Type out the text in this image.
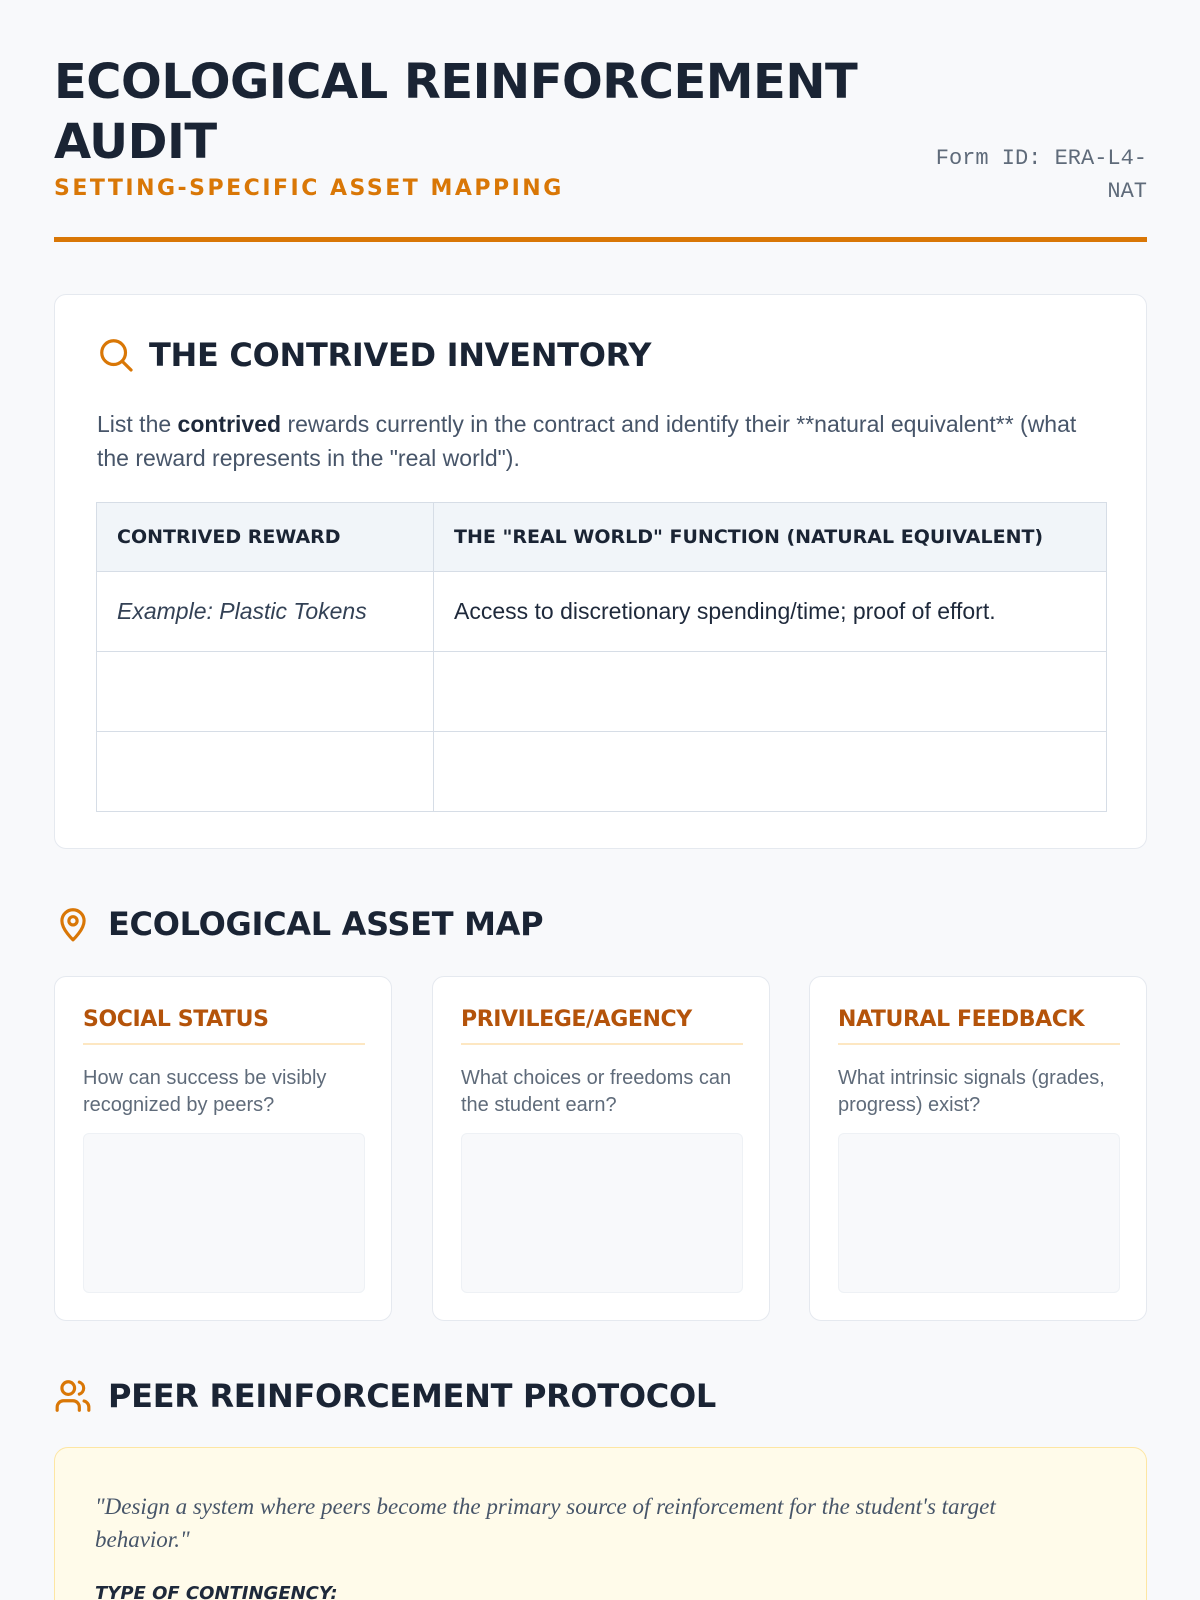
ECOLOGICAL REINFORCEMENT AUDIT
SETTING-SPECIFIC ASSET MAPPING
Form ID: ERA-L4-NAT
THE CONTRIVED INVENTORY

List the contrived rewards currently in the contract and identify their **natural equivalent** (what the reward represents in the "real world").

CONTRIVED REWARD	THE "REAL WORLD" FUNCTION (NATURAL EQUIVALENT)
Example: Plastic Tokens	Access to discretionary spending/time; proof of effort.

ECOLOGICAL ASSET MAP
SOCIAL STATUS
How can success be visibly recognized by peers?
PRIVILEGE/AGENCY
What choices or freedoms can the student earn?
NATURAL FEEDBACK
What intrinsic signals (grades, progress) exist?
PEER REINFORCEMENT PROTOCOL

"Design a system where peers become the primary source of reinforcement for the student's target behavior."

TYPE OF CONTINGENCY:
